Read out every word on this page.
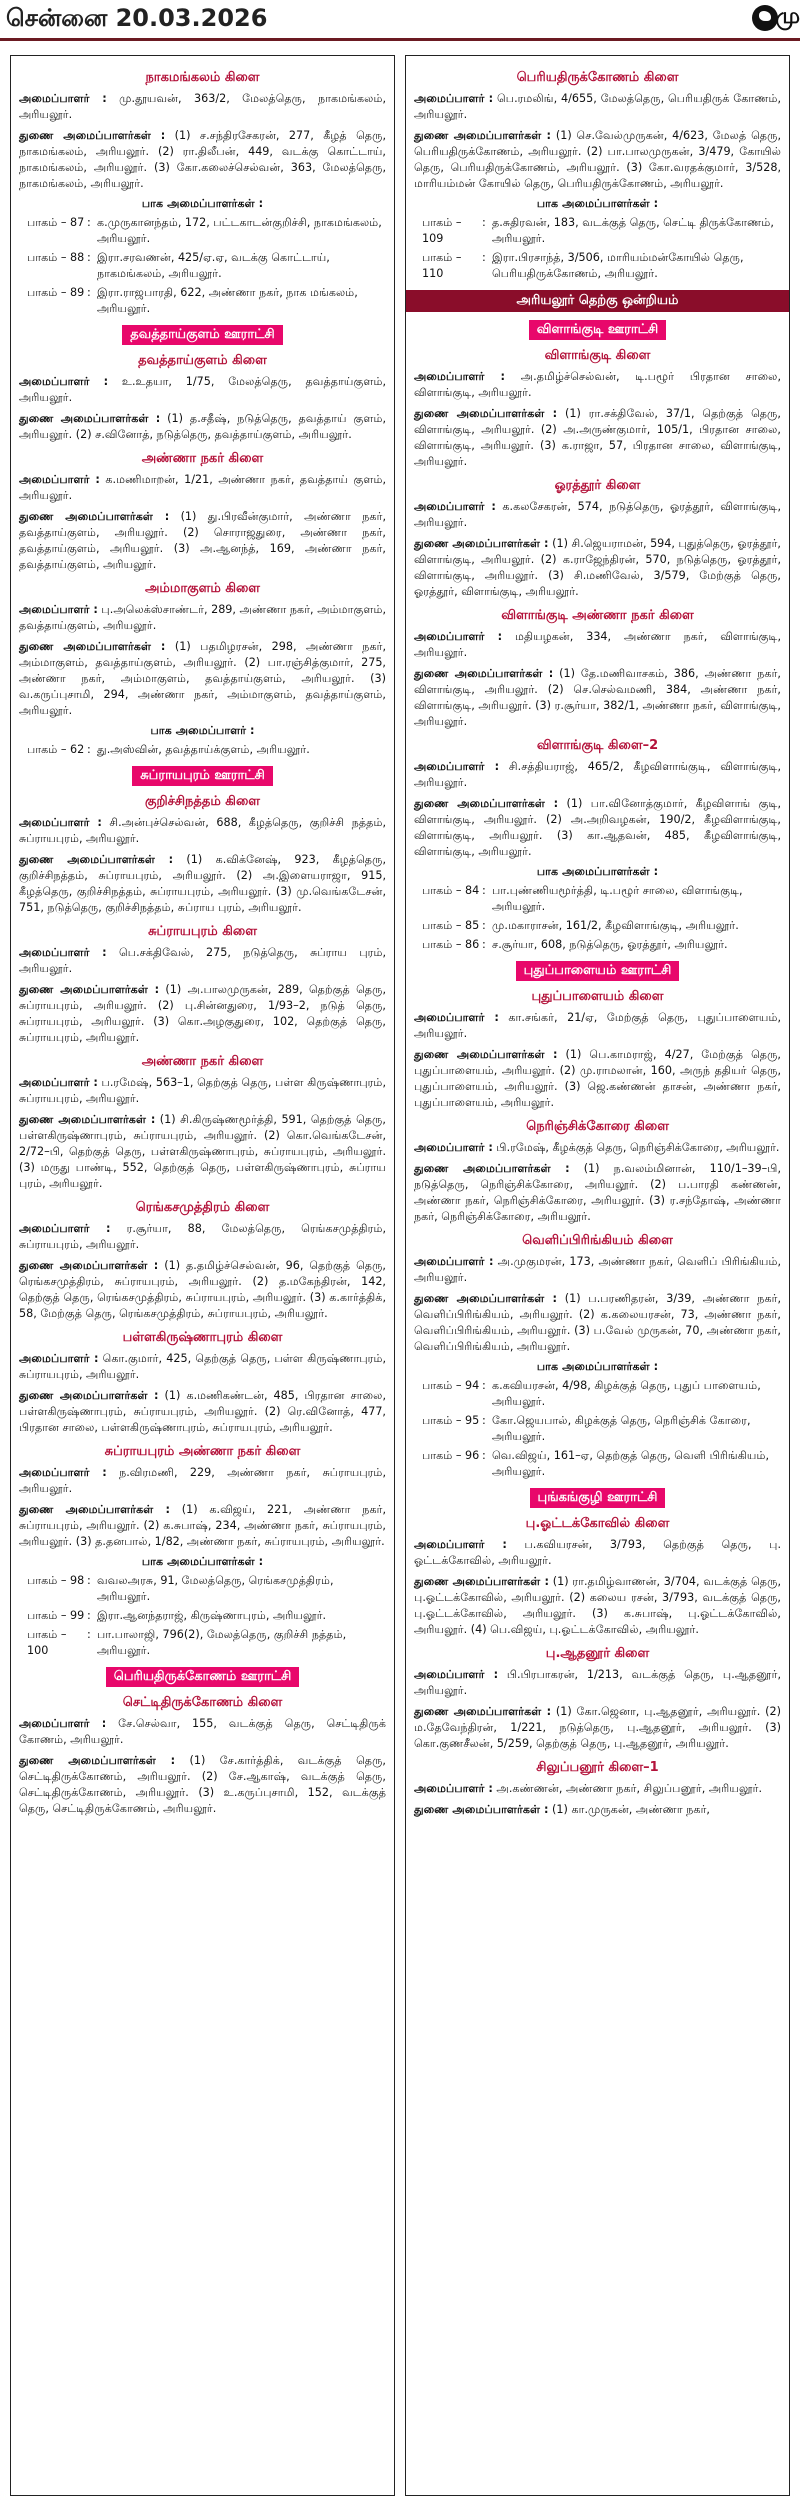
சென்னை 20.03.2026	மு
நாகமங்கலம் கிளை

அமைப்பாளர் : மு.தூயவன், 363/2, மேலத்தெரு, நாகமங்கலம், அரியலூர்.

துணை அமைப்பாளர்கள் : (1) ச.சந்திரசேகரன், 277, கீழத் தெரு, நாகமங்கலம், அரியலூர். (2) ரா.திலீபன், 449, வடக்கு கொட்டாய், நாகமங்கலம், அரியலூர். (3) கோ.கலைச்செல்வன், 363, மேலத்தெரு, நாகமங்கலம், அரியலூர்.

பாக அமைப்பாளர்கள் :
பாகம் – 87 : க.முருகானந்தம், 172, பட்டகாடன்குறிச்சி, நாகமங்கலம், அரியலூர்.
பாகம் – 88 : இரா.சரவணன், 425/ஏ.ஏ, வடக்கு கொட்டாய், நாகமங்கலம், அரியலூர்.
பாகம் – 89 : இரா.ராஜபாரதி, 622, அண்ணா நகர், நாக மங்கலம், அரியலூர்.
தவத்தாய்குளம் ஊராட்சி
தவத்தாய்குளம் கிளை

அமைப்பாளர் : உ.உதயா, 1/75, மேலத்தெரு, தவத்தாய்குளம், அரியலூர்.

துணை அமைப்பாளர்கள் : (1) த.சதீஷ், நடுத்தெரு, தவத்தாய் குளம், அரியலூர். (2) ச.வினோத், நடுத்தெரு, தவத்தாய்குளம், அரியலூர்.

அண்ணா நகர் கிளை

அமைப்பாளர் : க.மணிமாறன், 1/21, அண்ணா நகர், தவத்தாய் குளம், அரியலூர்.

துணை அமைப்பாளர்கள் : (1) து.பிரவீன்குமார், அண்ணா நகர், தவத்தாய்குளம், அரியலூர். (2) சொராஜதுரை, அண்ணா நகர், தவத்தாய்குளம், அரியலூர். (3) அ.ஆனந்த், 169, அண்ணா நகர், தவத்தாய்குளம், அரியலூர்.

அம்மாகுளம் கிளை

அமைப்பாளர் : பு.அலெக்ஸ்சாண்டர், 289, அண்ணா நகர், அம்மாகுளம், தவத்தாய்குளம், அரியலூர்.

துணை அமைப்பாளர்கள் : (1) பதமிழரசன், 298, அண்ணா நகர், அம்மாகுளம், தவத்தாய்குளம், அரியலூர். (2) பா.ரஞ்சித்குமார், 275, அண்ணா நகர், அம்மாகுளம், தவத்தாய்குளம், அரியலூர். (3) வ.கருப்புசாமி, 294, அண்ணா நகர், அம்மாகுளம், தவத்தாய்குளம், அரியலூர்.

பாக அமைப்பாளர் :
பாகம் – 62 : து.அஸ்வின், தவத்தாய்க்குளம், அரியலூர்.
சுப்ராயபுரம் ஊராட்சி
குறிச்சிநத்தம் கிளை

அமைப்பாளர் : சி.அன்புச்செல்வன், 688, கீழத்தெரு, குறிச்சி நத்தம், சுப்ராயபுரம், அரியலூர்.

துணை அமைப்பாளர்கள் : (1) க.விக்னேஷ், 923, கீழத்தெரு, குறிச்சிநத்தம், சுப்ராயபுரம், அரியலூர். (2) அ.இளையராஜா, 915, கீழத்தெரு, குறிச்சிநத்தம், சுப்ராயபுரம், அரியலூர். (3) மு.வெங்கடேசன், 751, நடுத்தெரு, குறிச்சிநத்தம், சுப்ராய புரம், அரியலூர்.

சுப்ராயபுரம் கிளை

அமைப்பாளர் : பெ.சக்திவேல், 275, நடுத்தெரு, சுப்ராய புரம், அரியலூர்.

துணை அமைப்பாளர்கள் : (1) அ.பாலமுருகன், 289, தெற்குத் தெரு, சுப்ராயபுரம், அரியலூர். (2) பு.சின்னதுரை, 1/93–2, நடுத் தெரு, சுப்ராயபுரம், அரியலூர். (3) கொ.அழகுதுரை, 102, தெற்குத் தெரு, சுப்ராயபுரம், அரியலூர்.

அண்ணா நகர் கிளை

அமைப்பாளர் : ப.ரமேஷ், 563–1, தெற்குத் தெரு, பள்ள கிருஷ்ணாபுரம், சுப்ராயபுரம், அரியலூர்.

துணை அமைப்பாளர்கள் : (1) சி.கிருஷ்ணமூர்த்தி, 591, தெற்குத் தெரு, பள்ளகிருஷ்ணாபுரம், சுப்ராயபுரம், அரியலூர். (2) கொ.வெங்கடேசன், 2/72–பி, தெற்குத் தெரு, பள்ளகிருஷ்ணாபுரம், சுப்ராயபுரம், அரியலூர். (3) மருது பாண்டி, 552, தெற்குத் தெரு, பள்ளகிருஷ்ணாபுரம், சுப்ராய புரம், அரியலூர்.

ரெங்கசமுத்திரம் கிளை

அமைப்பாளர் : ர.சூர்யா, 88, மேலத்தெரு, ரெங்கசமுத்திரம், சுப்ராயபுரம், அரியலூர்.

துணை அமைப்பாளர்கள் : (1) த.தமிழ்ச்செல்வன், 96, தெற்குத் தெரு, ரெங்கசமுத்திரம், சுப்ராயபுரம், அரியலூர். (2) த.மகேந்திரன், 142, தெற்குத் தெரு, ரெங்கசமுத்திரம், சுப்ராயபுரம், அரியலூர். (3) க.கார்த்திக், 58, மேற்குத் தெரு, ரெங்கசமுத்திரம், சுப்ராயபுரம், அரியலூர்.

பள்ளகிருஷ்ணாபுரம் கிளை

அமைப்பாளர் : கொ.குமார், 425, தெற்குத் தெரு, பள்ள கிருஷ்ணாபுரம், சுப்ராயபுரம், அரியலூர்.

துணை அமைப்பாளர்கள் : (1) க.மணிகண்டன், 485, பிரதான சாலை, பள்ளகிருஷ்ணாபுரம், சுப்ராயபுரம், அரியலூர். (2) ரெ.வினோத், 477, பிரதான சாலை, பள்ளகிருஷ்ணாபுரம், சுப்ராயபுரம், அரியலூர்.

சுப்ராயபுரம் அண்ணா நகர் கிளை

அமைப்பாளர் : ந.விரமணி, 229, அண்ணா நகர், சுப்ராயபுரம், அரியலூர்.

துணை அமைப்பாளர்கள் : (1) க.விஜய், 221, அண்ணா நகர், சுப்ராயபுரம், அரியலூர். (2) க.சுபாஷ், 234, அண்ணா நகர், சுப்ராயபுரம், அரியலூர். (3) த.தனபால், 1/82, அண்ணா நகர், சுப்ராயபுரம், அரியலூர்.

பாக அமைப்பாளர்கள் :
பாகம் – 98 : வவலஅரசு, 91, மேலத்தெரு, ரெங்கசமுத்திரம், அரியலூர்.
பாகம் – 99 : இரா.ஆனந்தராஜ், கிருஷ்ணாபுரம், அரியலூர்.
பாகம் – 100
: பா.பாலாஜி, 796(2), மேலத்தெரு, குறிச்சி நத்தம், அரியலூர்.
பெரியதிருக்கோணம் ஊராட்சி
செட்டிதிருக்கோணம் கிளை

அமைப்பாளர் : சே.செல்வா, 155, வடக்குத் தெரு, செட்டிதிருக் கோணம், அரியலூர்.

துணை அமைப்பாளர்கள் : (1) சே.கார்த்திக், வடக்குத் தெரு, செட்டிதிருக்கோணம், அரியலூர். (2) சே.ஆகாஷ், வடக்குத் தெரு, செட்டிதிருக்கோணம், அரியலூர். (3) உ.கருப்புசாமி, 152, வடக்குத் தெரு, செட்டிதிருக்கோணம், அரியலூர்.

பெரியதிருக்கோணம் கிளை

அமைப்பாளர் : பெ.ரமலிங், 4/655, மேலத்தெரு, பெரியதிருக் கோணம், அரியலூர்.

துணை அமைப்பாளர்கள் : (1) செ.வேல்முருகன், 4/623, மேலத் தெரு, பெரியதிருக்கோணம், அரியலூர். (2) பா.பாலமுருகன், 3/479, கோயில் தெரு, பெரியதிருக்கோணம், அரியலூர். (3) கோ.வரதக்குமார், 3/528, மாரியம்மன் கோயில் தெரு, பெரியதிருக்கோணம், அரியலூர்.

பாக அமைப்பாளர்கள் :
பாகம் – 109
: த.சுதிரவன், 183, வடக்குத் தெரு, செட்டி திருக்கோணம், அரியலூர்.
பாகம் – 110
: இரா.பிரசாந்த், 3/506, மாரியம்மன்கோயில் தெரு, பெரியதிருக்கோணம், அரியலூர்.
அரியலூர் தெற்கு ஒன்றியம்
விளாங்குடி ஊராட்சி
விளாங்குடி கிளை

அமைப்பாளர் : அ.தமிழ்ச்செல்வன், டி.பழூர் பிரதான சாலை, விளாங்குடி, அரியலூர்.

துணை அமைப்பாளர்கள் : (1) ரா.சக்திவேல், 37/1, தெற்குத் தெரு, விளாங்குடி, அரியலூர். (2) அ.அருண்குமார், 105/1, பிரதான சாலை, விளாங்குடி, அரியலூர். (3) க.ராஜா, 57, பிரதான சாலை, விளாங்குடி, அரியலூர்.

ஓரத்தூர் கிளை

அமைப்பாளர் : க.கலசேகரன், 574, நடுத்தெரு, ஓரத்தூர், விளாங்குடி, அரியலூர்.

துணை அமைப்பாளர்கள் : (1) சி.ஜெயராமன், 594, புதுத்தெரு, ஓரத்தூர், விளாங்குடி, அரியலூர். (2) க.ராஜேந்திரன், 570, நடுத்தெரு, ஓரத்தூர், விளாங்குடி, அரியலூர். (3) சி.மணிவேல், 3/579, மேற்குத் தெரு, ஓரத்தூர், விளாங்குடி, அரியலூர்.

விளாங்குடி அண்ணா நகர் கிளை

அமைப்பாளர் : மதியழகன், 334, அண்ணா நகர், விளாங்குடி, அரியலூர்.

துணை அமைப்பாளர்கள் : (1) தே.மணிவாசகம், 386, அண்ணா நகர், விளாங்குடி, அரியலூர். (2) செ.செல்வமணி, 384, அண்ணா நகர், விளாங்குடி, அரியலூர். (3) ர.சூர்யா, 382/1, அண்ணா நகர், விளாங்குடி, அரியலூர்.

விளாங்குடி கிளை–2

அமைப்பாளர் : சி.சத்தியராஜ், 465/2, கீழவிளாங்குடி, விளாங்குடி, அரியலூர்.

துணை அமைப்பாளர்கள் : (1) பா.வினோத்குமார், கீழவிளாங் குடி, விளாங்குடி, அரியலூர். (2) அ.அறிவழகன், 190/2, கீழவிளாங்குடி, விளாங்குடி, அரியலூர். (3) கா.ஆதவன், 485, கீழவிளாங்குடி, விளாங்குடி, அரியலூர்.

பாக அமைப்பாளர்கள் :
பாகம் – 84 : பா.புண்ணியமூர்த்தி, டி.பழூர் சாலை, விளாங்குடி, அரியலூர்.
பாகம் – 85 : மு.மகாராசன், 161/2, கீழவிளாங்குடி, அரியலூர்.
பாகம் – 86 : ச.சூர்யா, 608, நடுத்தெரு, ஓரத்தூர், அரியலூர்.
புதுப்பாளையம் ஊராட்சி
புதுப்பாளையம் கிளை

அமைப்பாளர் : கா.சங்கர், 21/ஏ, மேற்குத் தெரு, புதுப்பாளையம், அரியலூர்.

துணை அமைப்பாளர்கள் : (1) பெ.காமராஜ், 4/27, மேற்குத் தெரு, புதுப்பாளையம், அரியலூர். (2) மு.ராமலான், 160, அருந் ததியர் தெரு, புதுப்பாளையம், அரியலூர். (3) ஜெ.கண்ணன் தாசன், அண்ணா நகர், புதுப்பாளையம், அரியலூர்.

நெரிஞ்சிக்கோரை கிளை

அமைப்பாளர் : பி.ரமேஷ், கீழக்குத் தெரு, நெரிஞ்சிக்கோரை, அரியலூர்.

துணை அமைப்பாளர்கள் : (1) ந.வலம்மினான், 110/1–39–பி, நடுத்தெரு, நெரிஞ்சிக்கோரை, அரியலூர். (2) ப.பாரதி கண்ணன், அண்ணா நகர், நெரிஞ்சிக்கோரை, அரியலூர். (3) ர.சந்தோஷ், அண்ணா நகர், நெரிஞ்சிக்கோரை, அரியலூர்.

வெளிப்பிரிங்கியம் கிளை

அமைப்பாளர் : அ.முகுமரன், 173, அண்ணா நகர், வெளிப் பிரிங்கியம், அரியலூர்.

துணை அமைப்பாளர்கள் : (1) ப.பரணிதரன், 3/39, அண்ணா நகர், வெளிப்பிரிங்கியம், அரியலூர். (2) க.கலையரசன், 73, அண்ணா நகர், வெளிப்பிரிங்கியம், அரியலூர். (3) ப.வேல் முருகன், 70, அண்ணா நகர், வெளிப்பிரிங்கியம், அரியலூர்.

பாக அமைப்பாளர்கள் :
பாகம் – 94 : க.கவியரசன், 4/98, கிழக்குத் தெரு, புதுப் பாளையம், அரியலூர்.
பாகம் – 95 : கோ.ஜெயபால், கிழக்குத் தெரு, நெரிஞ்சிக் கோரை, அரியலூர்.
பாகம் – 96 : வெ.விஜய், 161–ஏ, தெற்குத் தெரு, வெளி பிரிங்கியம், அரியலூர்.
புங்கங்குழி ஊராட்சி
பு.ஓட்டக்கோவில் கிளை

அமைப்பாளர் : ப.கவியரசன், 3/793, தெற்குத் தெரு, பு. ஓட்டக்கோவில், அரியலூர்.

துணை அமைப்பாளர்கள் : (1) ரா.தமிழ்வாணன், 3/704, வடக்குத் தெரு, பு.ஓட்டக்கோவில், அரியலூர். (2) கலைய ரசன், 3/793, வடக்குத் தெரு, பு.ஓட்டக்கோவில், அரியலூர். (3) க.சுபாஷ், பு.ஓட்டக்கோவில், அரியலூர். (4) பெ.விஜய், பு.ஓட்டக்கோவில், அரியலூர்.

பு.ஆதனூர் கிளை

அமைப்பாளர் : பி.பிரபாகரன், 1/213, வடக்குத் தெரு, பு.ஆதனூர், அரியலூர்.

துணை அமைப்பாளர்கள் : (1) கோ.ஜெனா, பு.ஆதனூர், அரியலூர். (2) ம.தேவேந்திரன், 1/221, நடுத்தெரு, பு.ஆதனூர், அரியலூர். (3) கொ.குணசீலன், 5/259, தெற்குத் தெரு, பு.ஆதனூர், அரியலூர்.

சிலுப்பனூர் கிளை–1

அமைப்பாளர் : அ.கண்ணன், அண்ணா நகர், சிலுப்பனூர், அரியலூர்.

துணை அமைப்பாளர்கள் : (1) கா.முருகன், அண்ணா நகர்,
